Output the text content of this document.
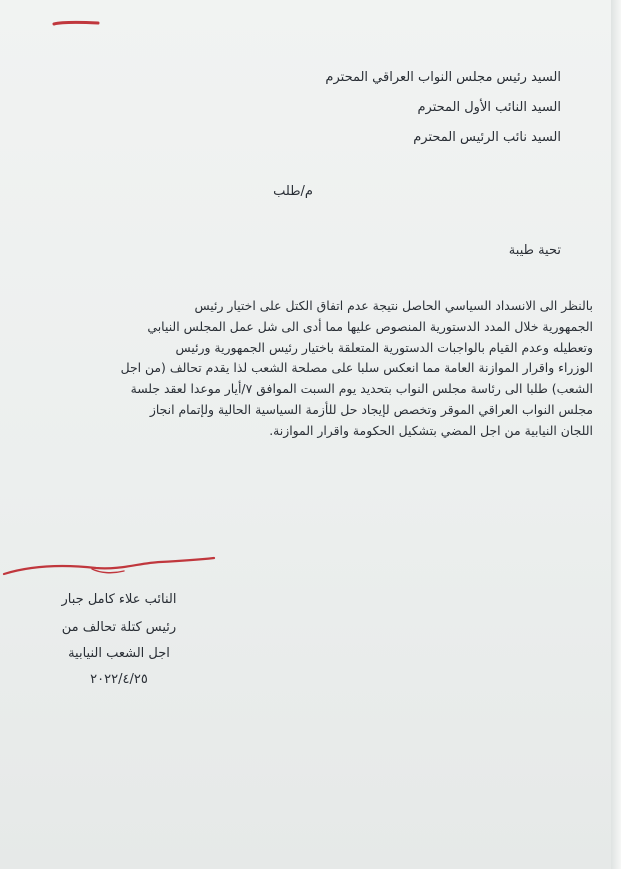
السيد رئيس مجلس النواب العراقي المحترم
السيد النائب الأول المحترم
السيد نائب الرئيس المحترم
م/طلب
تحية طيبة
بالنظر الى الانسداد السياسي الحاصل نتيجة عدم اتفاق الكتل على اختيار رئيس
الجمهورية خلال المدد الدستورية المنصوص عليها مما أدى الى شل عمل المجلس النيابي
وتعطيله وعدم القيام بالواجبات الدستورية المتعلقة باختيار رئيس الجمهورية ورئيس
الوزراء واقرار الموازنة العامة مما انعكس سلبا على مصلحة الشعب لذا يقدم تحالف (من اجل
الشعب) طلبا الى رئاسة مجلس النواب بتحديد يوم السبت الموافق ٧/أيار موعدا لعقد جلسة
مجلس النواب العراقي الموقر وتخصص لإيجاد حل للأزمة السياسية الحالية ولإتمام انجاز
اللجان النيابية من اجل المضي بتشكيل الحكومة واقرار الموازنة.
النائب علاء كامل جبار
رئيس كتلة تحالف من
اجل الشعب النيابية
٢٠٢٢/٤/٢٥
